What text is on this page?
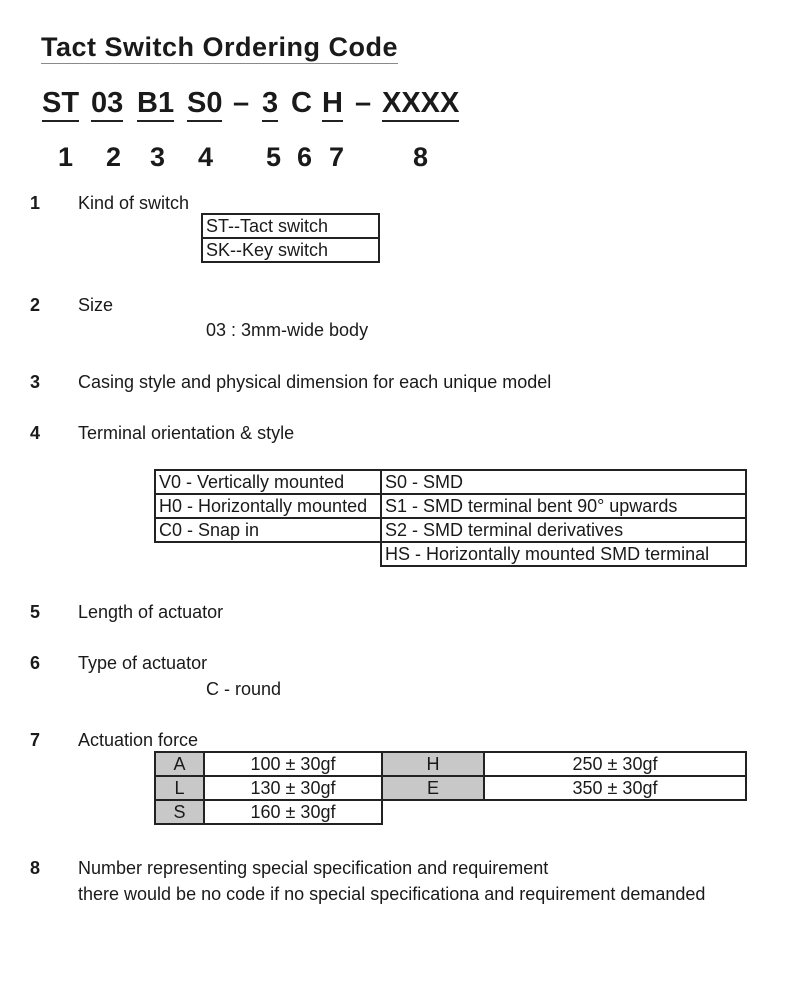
Tact Switch Ordering Code
ST 03 B1 S0 – 3 C H – XXXX
1 2 3 4 5 6 7	8
1 Kind of switch
ST--Tact switch
SK--Key switch
2 Size
03 : 3mm-wide body
3 Casing style and physical dimension for each unique model
4 Terminal orientation & style
V0 - Vertically mounted	S0 - SMD
H0 - Horizontally mounted	S1 - SMD terminal bent 90° upwards
C0 - Snap in	S2 - SMD terminal derivatives
	HS - Horizontally mounted SMD terminal
5 Length of actuator
6 Type of actuator
C - round
7 Actuation force
A	100 ± 30gf	H	250 ± 30gf
L	130 ± 30gf	E	350 ± 30gf
S	160 ± 30gf		
8 Number representing special specification and requirement
there would be no code if no special specificationa and requirement demanded
